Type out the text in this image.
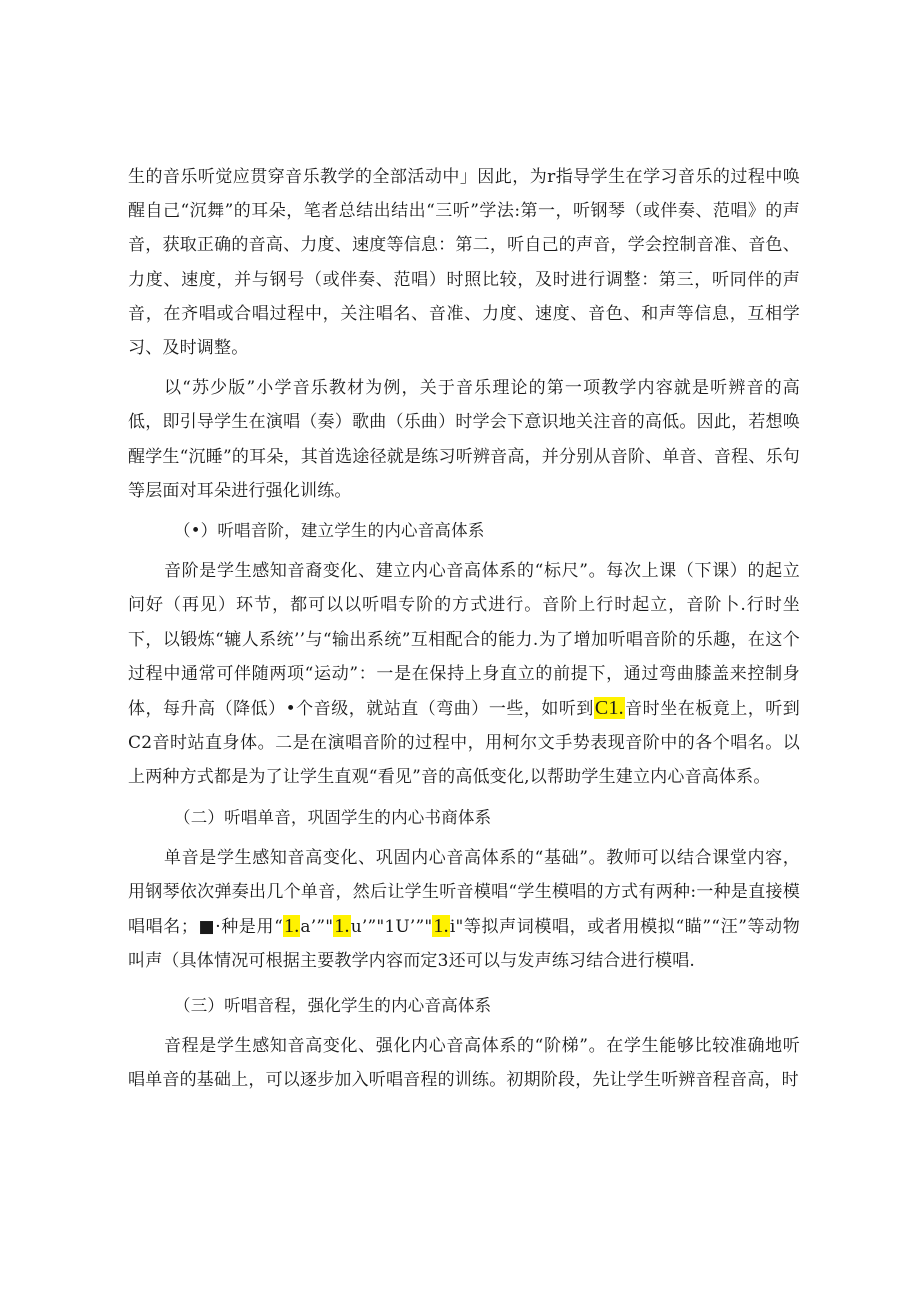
生的音乐听觉应贯穿音乐教学的全部活动中」因此，为r指导学生在学习音乐的过程中唤醒自己“沉舞”的耳朵，笔者总结出结出“三听”学法:第一，听钢琴（或伴奏、范唱》的声音，获取正确的音高、力度、速度等信息：第二，听自己的声音，学会控制音准、音色、力度、速度，并与钢号（或伴奏、范唱）时照比较，及时进行调整：第三，听同伴的声音，在齐唱或合唱过程中，关注唱名、音准、力度、速度、音色、和声等信息，互相学习、及时调整。

以“苏少版”小学音乐教材为例，关于音乐理论的第一项教学内容就是听辨音的高低，即引导学生在演唱（奏）歌曲（乐曲）时学会下意识地关注音的高低。因此，若想唤醒学生“沉睡”的耳朵，其首选途径就是练习听辨音高，并分别从音阶、单音、音程、乐句等层面对耳朵进行强化训练。

（•）听唱音阶，建立学生的内心音高体系

音阶是学生感知音裔变化、建立内心音高体系的“标尺”。每次上课（下课）的起立问好（再见）环节，都可以以听唱专阶的方式进行。音阶上行时起立，音阶卜.行时坐下，以锻炼“辘人系统’’与“输出系统”互相配合的能力.为了增加听唱音阶的乐趣，在这个过程中通常可伴随两项“运动”：一是在保持上身直立的前提下，通过弯曲膝盖来控制身体，每升高（降低）•个音级，就站直（弯曲）一些，如听到C1.音时坐在板竟上，听到C2音时站直身体。二是在演唱音阶的过程中，用柯尔文手势表现音阶中的各个唱名。以上两种方式都是为了让学生直观“看见”音的高低变化,以帮助学生建立内心音高体系。

（二）听唱单音，巩固学生的内心书商体系

单音是学生感知音高变化、巩固内心音高体系的“基础”。教师可以结合课堂内容，用钢琴依次弹奏出几个单音，然后让学生听音模唱“学生模唱的方式有两种:一种是直接模唱唱名；■·种是用“1.a’”"1.u’”"1U’”"1.i"等拟声词模唱，或者用模拟“瞄”“汪”等动物叫声（具体情况可根据主要教学内容而定3还可以与发声练习结合进行模唱.

（三）听唱音程，强化学生的内心音高体系

音程是学生感知音高变化、强化内心音高体系的“阶梯”。在学生能够比较准确地听唱单音的基础上，可以逐步加入听唱音程的训练。初期阶段，先让学生听辨音程音高，时
